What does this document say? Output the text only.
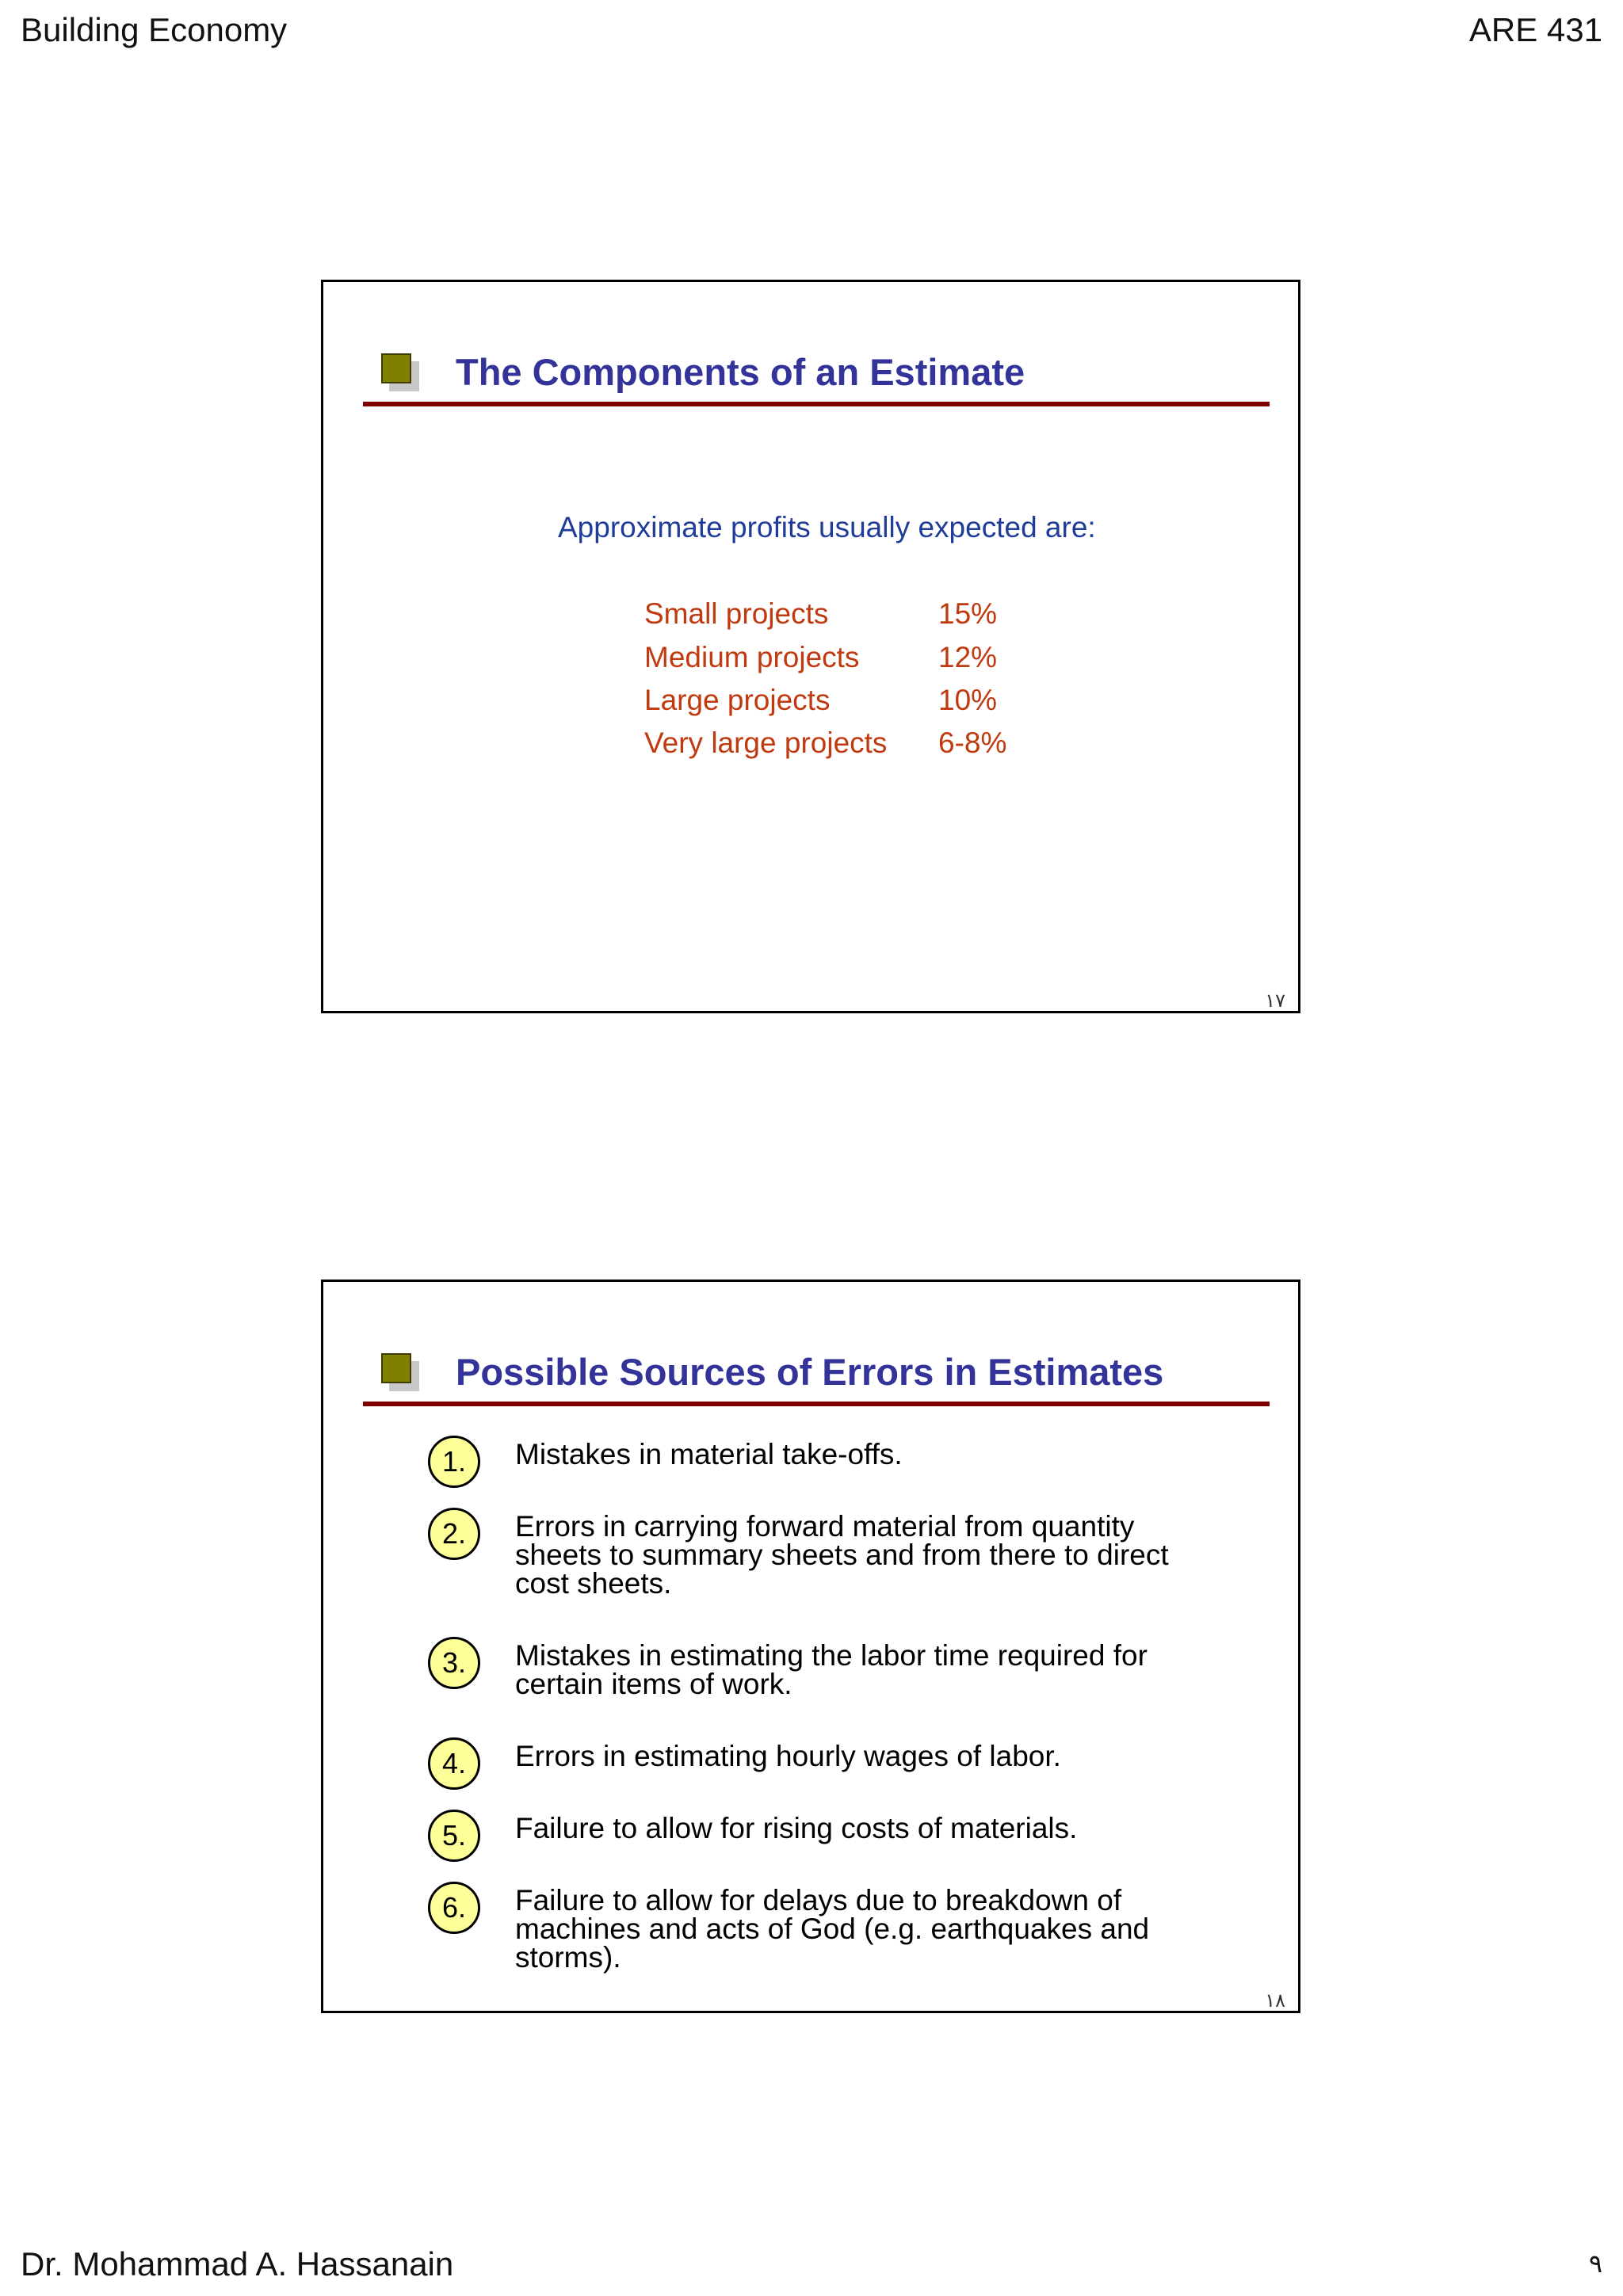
Building Economy	ARE 431
The Components of an Estimate
Approximate profits usually expected are:
Small projects	15%
Medium projects	12%
Large projects	10%
Very large projects 6-8%
١٧
Possible Sources of Errors in Estimates
1.	Mistakes in material take-offs.
2.	Errors in carrying forward material from quantity sheets to summary sheets and from there to direct cost sheets.
3.	Mistakes in estimating the labor time required for certain items of work.
4.	Errors in estimating hourly wages of labor.
5.	Failure to allow for rising costs of materials.
6.	Failure to allow for delays due to breakdown of machines and acts of God (e.g. earthquakes and storms).
١٨
Dr. Mohammad A. Hassanain	٩
